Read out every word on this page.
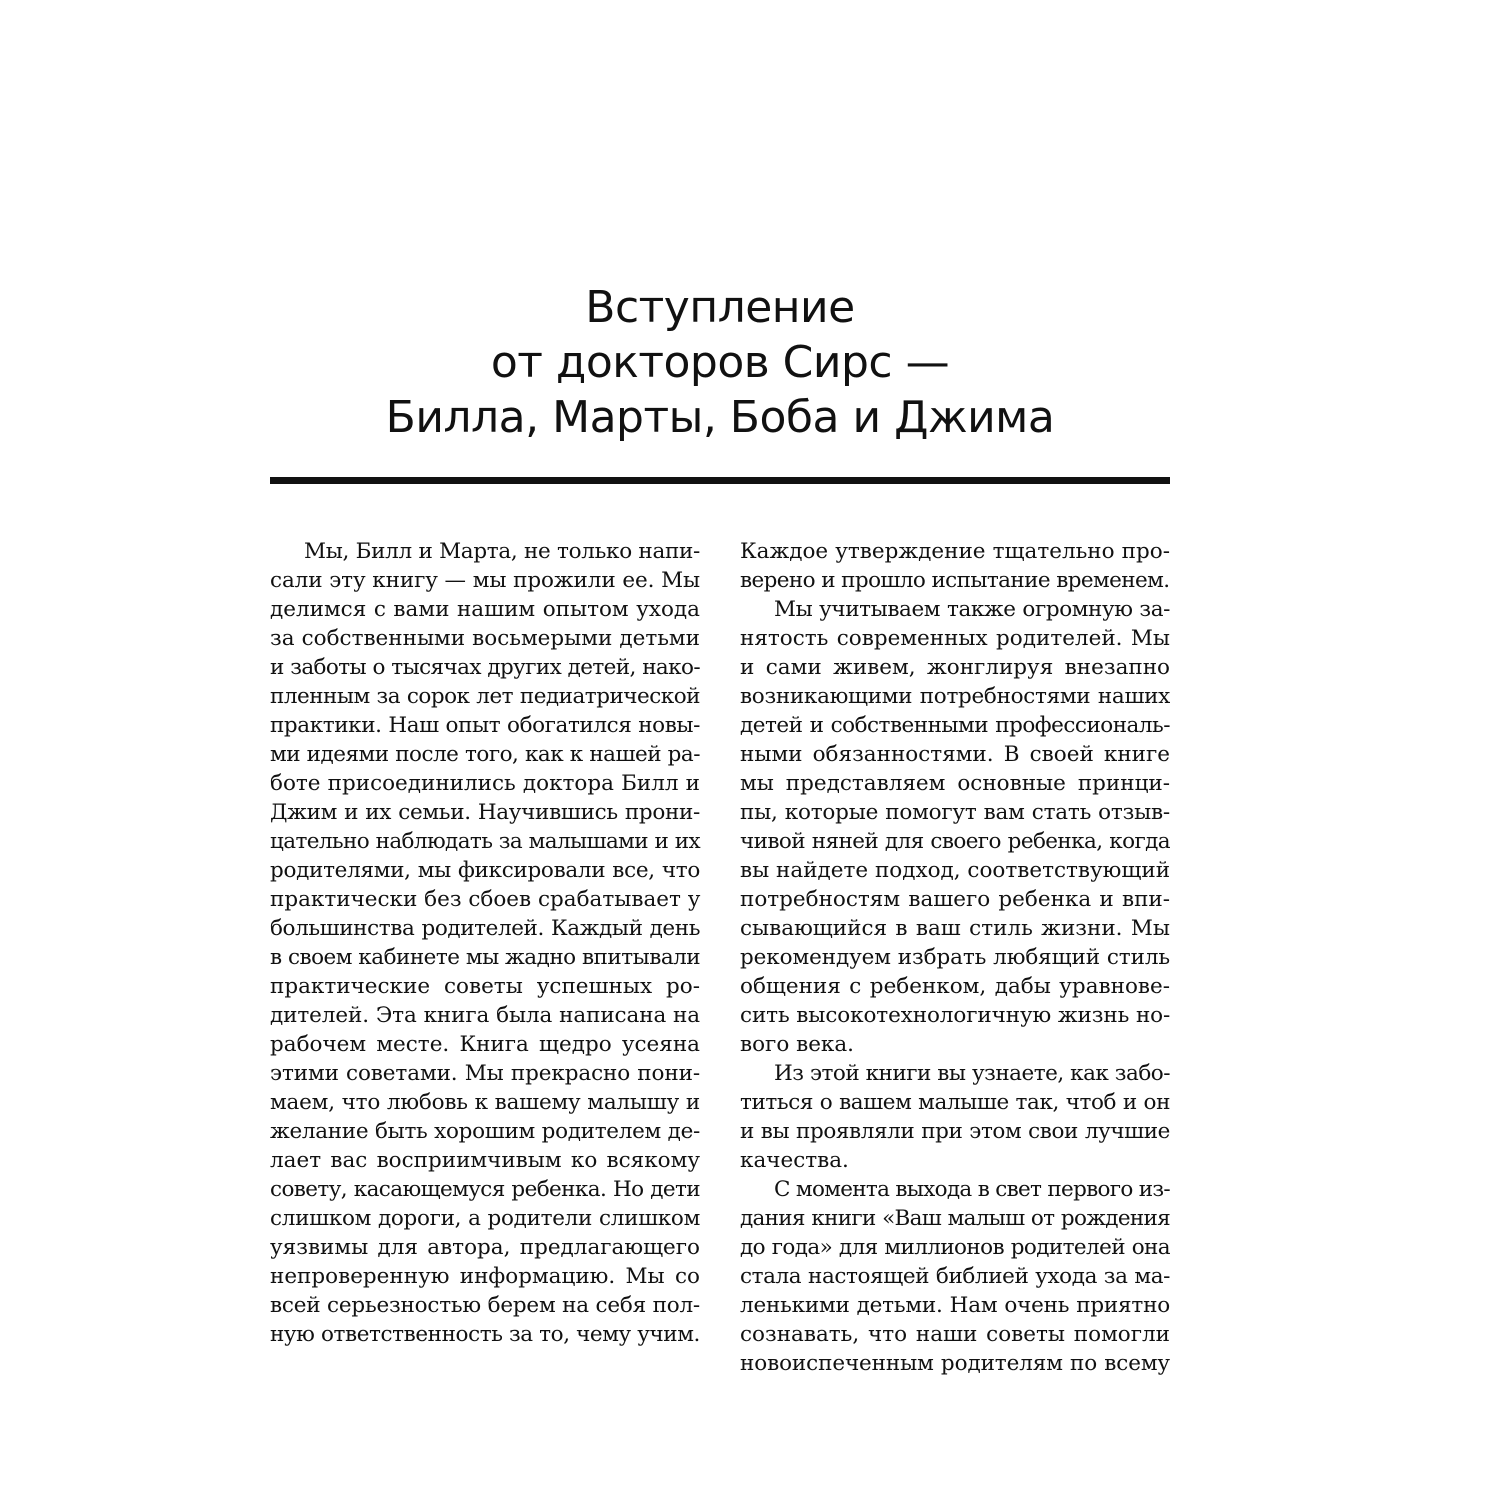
Вступление
от докторов Сирс —
Билла, Марты, Боба и Джима
Мы, Билл и Марта, не только напи-
сали эту книгу — мы прожили ее. Мы
делимся с вами нашим опытом ухода
за собственными восьмерыми детьми
и заботы о тысячах других детей, нако-
пленным за сорок лет педиатрической
практики. Наш опыт обогатился новы-
ми идеями после того, как к нашей ра-
боте присоединились доктора Билл и
Джим и их семьи. Научившись прони-
цательно наблюдать за малышами и их
родителями, мы фиксировали все, что
практически без сбоев срабатывает у
большинства родителей. Каждый день
в своем кабинете мы жадно впитывали
практические советы успешных ро-
дителей. Эта книга была написана на
рабочем месте. Книга щедро усеяна
этими советами. Мы прекрасно пони-
маем, что любовь к вашему малышу и
желание быть хорошим родителем де-
лает вас восприимчивым ко всякому
совету, касающемуся ребенка. Но дети
слишком дороги, а родители слишком
уязвимы для автора, предлагающего
непроверенную информацию. Мы со
всей серьезностью берем на себя пол-
ную ответственность за то, чему учим.
Каждое утверждение тщательно про-
верено и прошло испытание временем.
Мы учитываем также огромную за-
нятость современных родителей. Мы
и сами живем, жонглируя внезапно
возникающими потребностями наших
детей и собственными профессиональ-
ными обязанностями. В своей книге
мы представляем основные принци-
пы, которые помогут вам стать отзыв-
чивой няней для своего ребенка, когда
вы найдете подход, соответствующий
потребностям вашего ребенка и впи-
сывающийся в ваш стиль жизни. Мы
рекомендуем избрать любящий стиль
общения с ребенком, дабы уравнове-
сить высокотехнологичную жизнь но-
вого века.
Из этой книги вы узнаете, как забо-
титься о вашем малыше так, чтоб и он
и вы проявляли при этом свои лучшие
качества.
С момента выхода в свет первого из-
дания книги «Ваш малыш от рождения
до года» для миллионов родителей она
стала настоящей библией ухода за ма-
ленькими детьми. Нам очень приятно
сознавать, что наши советы помогли
новоиспеченным родителям по всему
